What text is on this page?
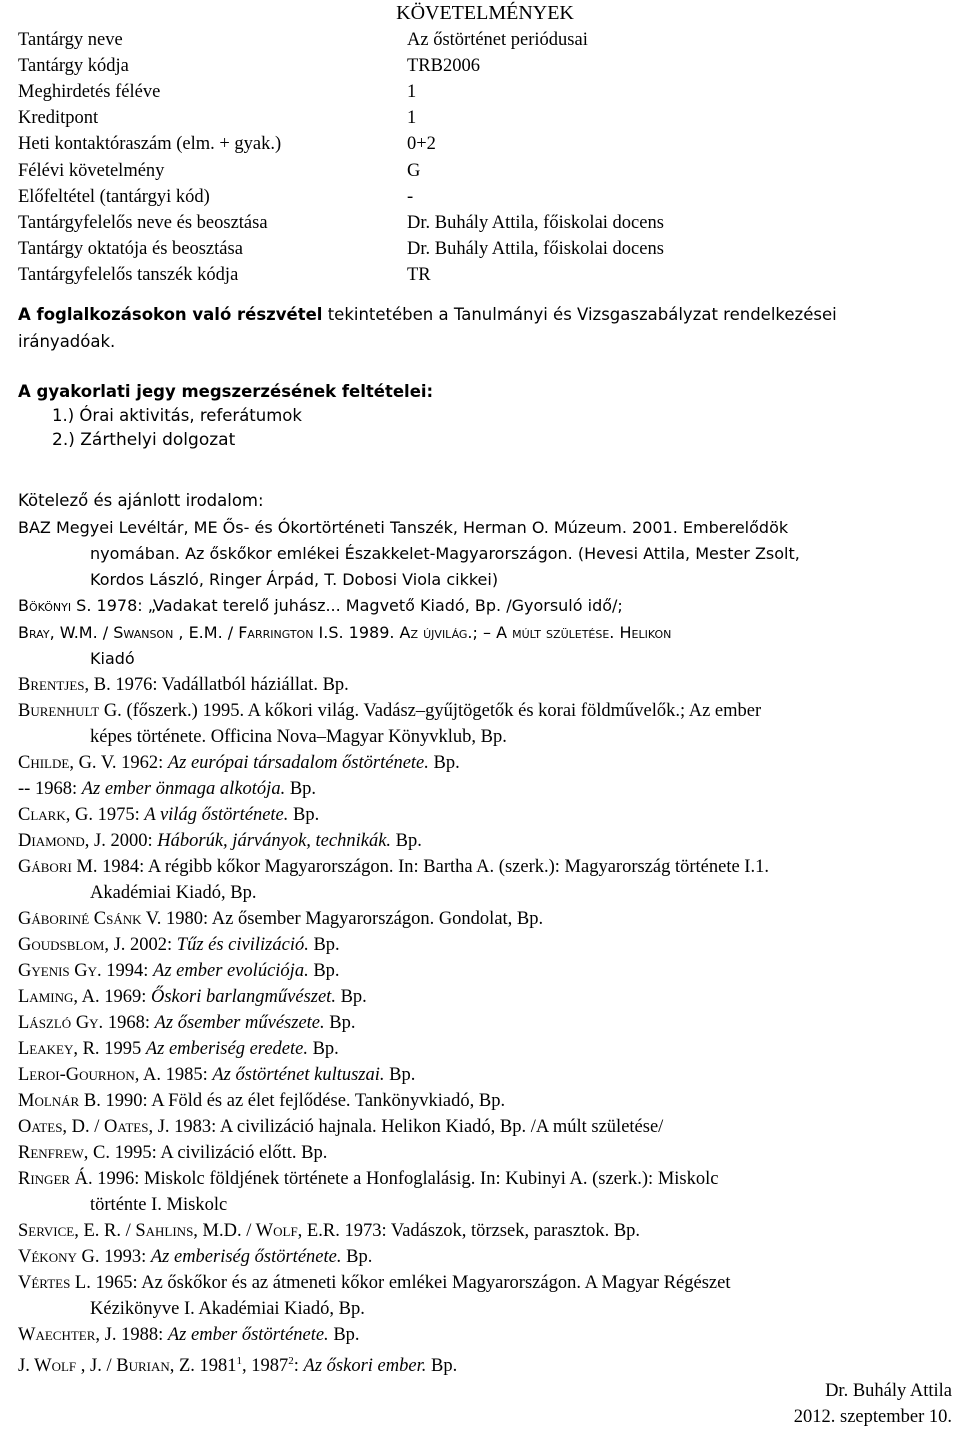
KÖVETELMÉNYEK
Tantárgy neve	Az őstörténet periódusai
Tantárgy kódja	TRB2006
Meghirdetés féléve	1
Kreditpont	1
Heti kontaktóraszám (elm. + gyak.)	0+2
Félévi követelmény	G
Előfeltétel (tantárgyi kód)	-
Tantárgyfelelős neve és beosztása	Dr. Buhály Attila, főiskolai docens
Tantárgy oktatója és beosztása	Dr. Buhály Attila, főiskolai docens
Tantárgyfelelős tanszék kódja	TR
A foglalkozásokon való részvétel tekintetében a Tanulmányi és Vizsgaszabályzat rendelkezései
irányadóak.
A gyakorlati jegy megszerzésének feltételei:
1.) Órai aktivitás, referátumok
2.) Zárthelyi dolgozat
Kötelező és ajánlott irodalom:
BAZ Megyei Levéltár, ME Ős- és Ókortörténeti Tanszék, Herman O. Múzeum. 2001. Emberelődök
nyomában. Az őskőkor emlékei Északkelet-Magyarországon. (Hevesi Attila, Mester Zsolt,
Kordos László, Ringer Árpád, T. Dobosi Viola cikkei)
Bökönyi S. 1978: „Vadakat terelő juhász... Magvető Kiadó, Bp. /Gyorsuló idő/;
Bray, W.M. / Swanson , E.M. / Farrington I.S. 1989. Az újvilág.; – A múlt születése. Helikon
Kiadó
Brentjes, B. 1976: Vadállatból háziállat. Bp.
Burenhult G. (főszerk.) 1995. A kőkori világ. Vadász–gyűjtögetők és korai földművelők.; Az ember
képes története. Officina Nova–Magyar Könyvklub, Bp.
Childe, G. V. 1962: Az európai társadalom őstörténete. Bp.
-- 1968: Az ember önmaga alkotója. Bp.
Clark, G. 1975: A világ őstörténete. Bp.
Diamond, J. 2000: Háborúk, járványok, technikák. Bp.
Gábori M. 1984: A régibb kőkor Magyarországon. In: Bartha A. (szerk.): Magyarország története I.1.
Akadémiai Kiadó, Bp.
Gáboriné Csánk V. 1980: Az ősember Magyarországon. Gondolat, Bp.
Goudsblom, J. 2002: Tűz és civilizáció. Bp.
Gyenis Gy. 1994: Az ember evolúciója. Bp.
Laming, A. 1969: Őskori barlangművészet. Bp.
László Gy. 1968: Az ősember művészete. Bp.
Leakey, R. 1995 Az emberiség eredete. Bp.
Leroi-Gourhon, A. 1985: Az őstörténet kultuszai. Bp.
Molnár B. 1990: A Föld és az élet fejlődése. Tankönyvkiadó, Bp.
Oates, D. / Oates, J. 1983: A civilizáció hajnala. Helikon Kiadó, Bp. /A múlt születése/
Renfrew, C. 1995: A civilizáció előtt. Bp.
Ringer Á. 1996: Miskolc földjének története a Honfoglalásig. In: Kubinyi A. (szerk.): Miskolc
történte I. Miskolc
Service, E. R. / Sahlins, M.D. / Wolf, E.R. 1973: Vadászok, törzsek, parasztok. Bp.
Vékony G. 1993: Az emberiség őstörténete. Bp.
Vértes L. 1965: Az őskőkor és az átmeneti kőkor emlékei Magyarországon. A Magyar Régészet
Kézikönyve I. Akadémiai Kiadó, Bp.
Waechter, J. 1988: Az ember őstörténete. Bp.
J. Wolf , J. / Burian, Z. 1981$^1$, 1987$^2$: Az őskori ember. Bp.
Dr. Buhály Attila
2012. szeptember 10.
